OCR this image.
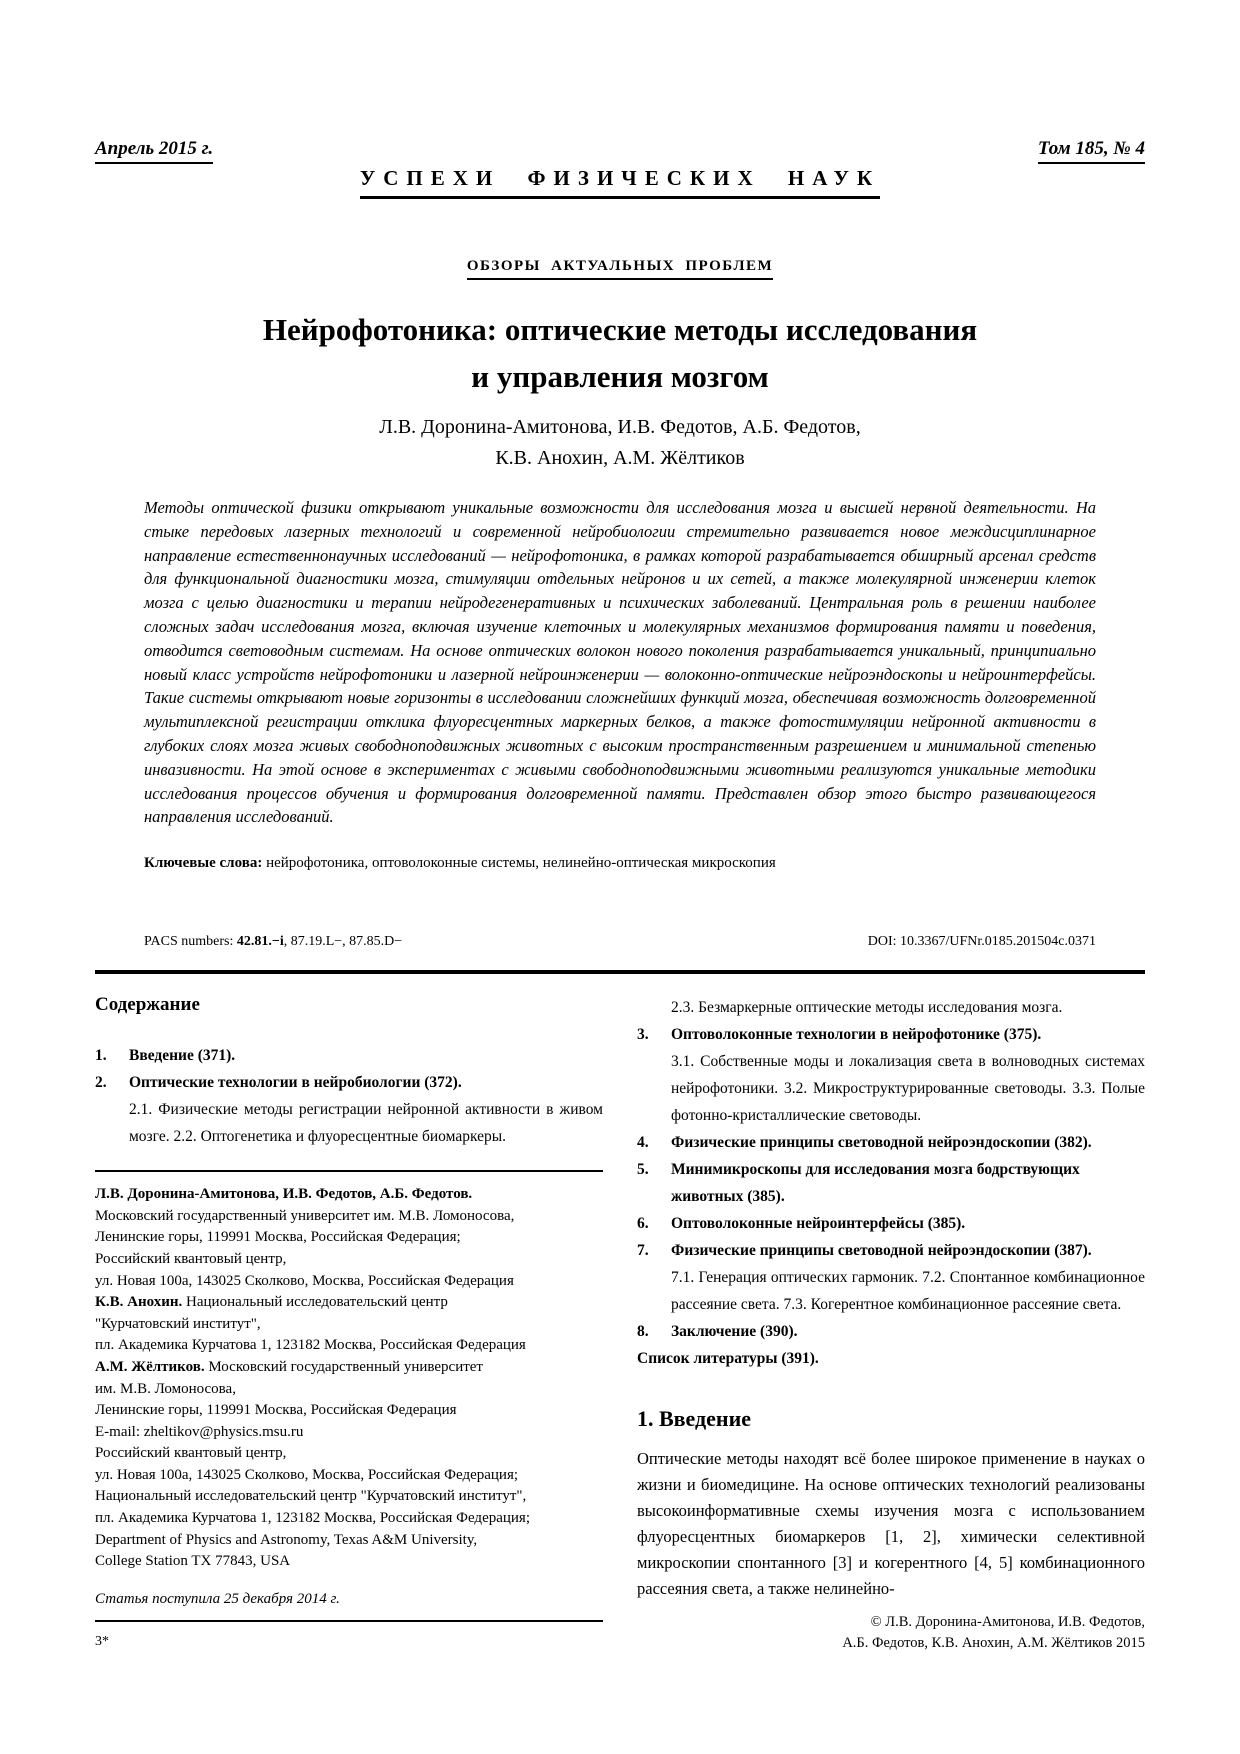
Апрель 2015 г.	Том 185, № 4
УСПЕХИ ФИЗИЧЕСКИХ НАУК
ОБЗОРЫ АКТУАЛЬНЫХ ПРОБЛЕМ
Нейрофотоника: оптические методы исследования
и управления мозгом
Л.В. Доронина-Амитонова, И.В. Федотов, А.Б. Федотов,
К.В. Анохин, А.М. Жёлтиков
Методы оптической физики открывают уникальные возможности для исследования мозга и высшей нервной деятельности. На стыке передовых лазерных технологий и современной нейробиологии стремительно развивается новое междисциплинарное направление естественнонаучных исследований — нейрофотоника, в рамках которой разрабатывается обширный арсенал средств для функциональной диагностики мозга, стимуляции отдельных нейронов и их сетей, а также молекулярной инженерии клеток мозга с целью диагностики и терапии нейродегенеративных и психических заболеваний. Центральная роль в решении наиболее сложных задач исследования мозга, включая изучение клеточных и молекулярных механизмов формирования памяти и поведения, отводится световодным системам. На основе оптических волокон нового поколения разрабатывается уникальный, принципиально новый класс устройств нейрофотоники и лазерной нейроинженерии — волоконно-оптические нейроэндоскопы и нейроинтерфейсы. Такие системы открывают новые горизонты в исследовании сложнейших функций мозга, обеспечивая возможность долговременной мультиплексной регистрации отклика флуоресцентных маркерных белков, а также фотостимуляции нейронной активности в глубоких слоях мозга живых свободноподвижных животных с высоким пространственным разрешением и минимальной степенью инвазивности. На этой основе в экспериментах с живыми свободноподвижными животными реализуются уникальные методики исследования процессов обучения и формирования долговременной памяти. Представлен обзор этого быстро развивающегося направления исследований.
Ключевые слова: нейрофотоника, оптоволоконные системы, нелинейно-оптическая микроскопия
PACS numbers: 42.81.−i, 87.19.L−, 87.85.D−	DOI: 10.3367/UFNr.0185.201504c.0371
Содержание
1.	Введение (371).
2.	Оптические технологии в нейробиологии (372).
2.1. Физические методы регистрации нейронной активности в живом мозге. 2.2. Оптогенетика и флуоресцентные биомаркеры.
Л.В. Доронина-Амитонова, И.В. Федотов, А.Б. Федотов.
Московский государственный университет им. М.В. Ломоносова,
Ленинские горы, 119991 Москва, Российская Федерация;
Российский квантовый центр,
ул. Новая 100а, 143025 Сколково, Москва, Российская Федерация
К.В. Анохин. Национальный исследовательский центр
"Курчатовский институт",
пл. Академика Курчатова 1, 123182 Москва, Российская Федерация
А.М. Жёлтиков. Московский государственный университет
им. М.В. Ломоносова,
Ленинские горы, 119991 Москва, Российская Федерация
E-mail: zheltikov@physics.msu.ru
Российский квантовый центр,
ул. Новая 100а, 143025 Сколково, Москва, Российская Федерация;
Национальный исследовательский центр "Курчатовский институт",
пл. Академика Курчатова 1, 123182 Москва, Российская Федерация;
Department of Physics and Astronomy, Texas A&M University,
College Station TX 77843, USA
Статья поступила 25 декабря 2014 г.
3*
2.3. Безмаркерные оптические методы исследования мозга.
3.	Оптоволоконные технологии в нейрофотонике (375).
3.1. Собственные моды и локализация света в волноводных системах нейрофотоники. 3.2. Микроструктурированные световоды. 3.3. Полые фотонно-кристаллические световоды.
4.	Физические принципы световодной нейроэндоскопии (382).
5.	Минимикроскопы для исследования мозга бодрствующих животных (385).
6.	Оптоволоконные нейроинтерфейсы (385).
7.	Физические принципы световодной нейроэндоскопии (387).
7.1. Генерация оптических гармоник. 7.2. Спонтанное комбинационное рассеяние света. 7.3. Когерентное комбинационное рассеяние света.
8.	Заключение (390).
Список литературы (391).
1. Введение
Оптические методы находят всё более широкое применение в науках о жизни и биомедицине. На основе оптических технологий реализованы высокоинформативные схемы изучения мозга с использованием флуоресцентных биомаркеров [1, 2], химически селективной микроскопии спонтанного [3] и когерентного [4, 5] комбинационного рассеяния света, а также нелинейно-
© Л.В. Доронина-Амитонова, И.В. Федотов,
А.Б. Федотов, К.В. Анохин, А.М. Жёлтиков 2015
